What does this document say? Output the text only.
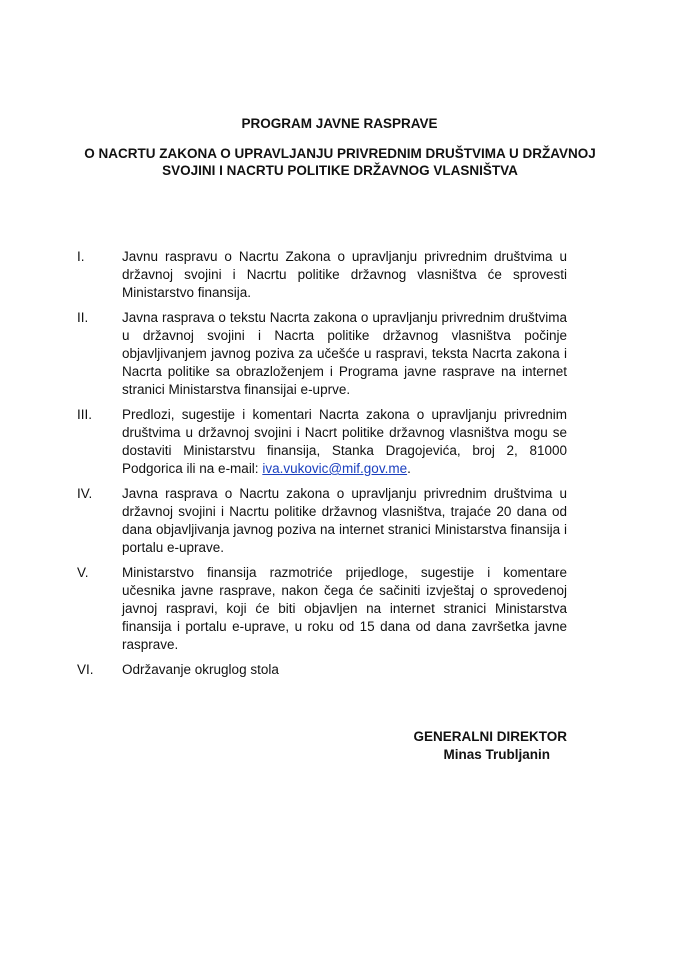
PROGRAM JAVNE RASPRAVE
O NACRTU ZAKONA O UPRAVLJANJU PRIVREDNIM DRUŠTVIMA U DRŽAVNOJ SVOJINI I NACRTU POLITIKE DRŽAVNOG VLASNIŠTVA
I.	Javnu raspravu o Nacrtu Zakona o upravljanju privrednim društvima u državnoj svojini i Nacrtu politike državnog vlasništva će sprovesti Ministarstvo finansija.
II.	Javna rasprava o tekstu Nacrta zakona o upravljanju privrednim društvima u državnoj svojini i Nacrta politike državnog vlasništva počinje objavljivanjem javnog poziva za učešće u raspravi, teksta Nacrta zakona i Nacrta politike sa obrazloženjem i Programa javne rasprave na internet stranici Ministarstva finansijai e-uprve.
III.	Predlozi, sugestije i komentari Nacrta zakona o upravljanju privrednim društvima u državnoj svojini i Nacrt politike državnog vlasništva mogu se dostaviti Ministarstvu finansija, Stanka Dragojevića, broj 2, 81000 Podgorica ili na e-mail: iva.vukovic@mif.gov.me.
IV.	Javna rasprava o Nacrtu zakona o upravljanju privrednim društvima u državnoj svojini i Nacrtu politike državnog vlasništva, trajaće 20 dana od dana objavljivanja javnog poziva na internet stranici Ministarstva finansija i portalu e-uprave.
V.	Ministarstvo finansija razmotriće prijedloge, sugestije i komentare učesnika javne rasprave, nakon čega će sačiniti izvještaj o sprovedenoj javnoj raspravi, koji će biti objavljen na internet stranici Ministarstva finansija i portalu e-uprave, u roku od 15 dana od dana završetka javne rasprave.
VI.	Održavanje okruglog stola
GENERALNI DIREKTOR
Minas Trubljanin
